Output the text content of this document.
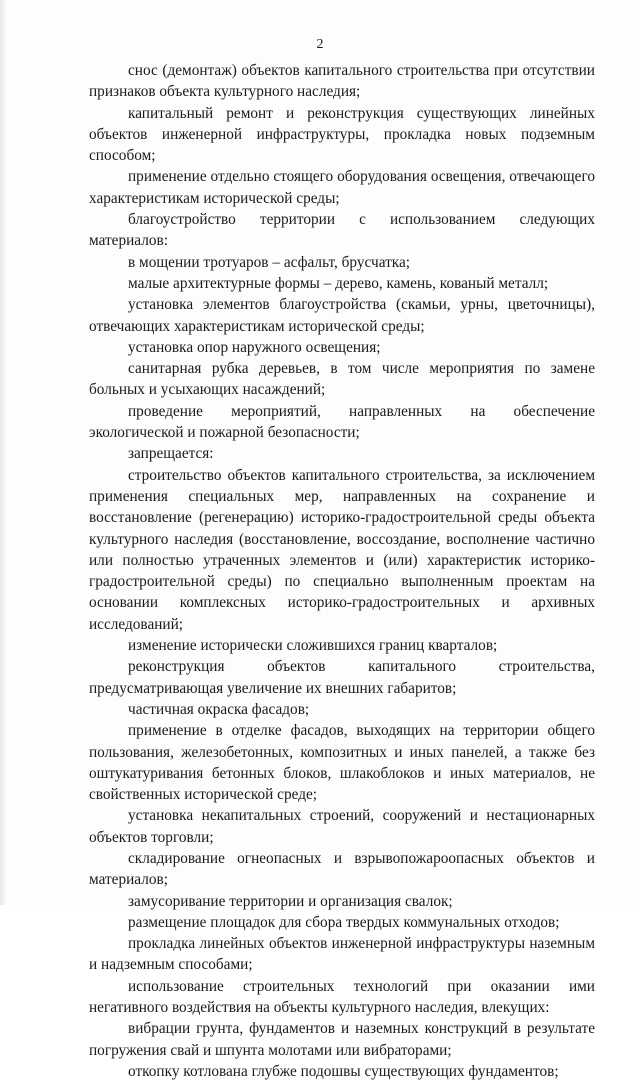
2

снос (демонтаж) объектов капитального строительства при отсутствии признаков объекта культурного наследия;

капитальный ремонт и реконструкция существующих линейных объектов инженерной инфраструктуры, прокладка новых подземным способом;

применение отдельно стоящего оборудования освещения, отвечающего характеристикам исторической среды;

благоустройство территории с использованием следующих материалов:

в мощении тротуаров – асфальт, брусчатка;

малые архитектурные формы – дерево, камень, кованый металл;

установка элементов благоустройства (скамьи, урны, цветочницы), отвечающих характеристикам исторической среды;

установка опор наружного освещения;

санитарная рубка деревьев, в том числе мероприятия по замене больных и усыхающих насаждений;

проведение мероприятий, направленных на обеспечение экологической и пожарной безопасности;

запрещается:

строительство объектов капитального строительства, за исключением применения специальных мер, направленных на сохранение и восстановление (регенерацию) историко-градостроительной среды объекта культурного наследия (восстановление, воссоздание, восполнение частично или полностью утраченных элементов и (или) характеристик историко-градостроительной среды) по специально выполненным проектам на основании комплексных историко-градостроительных и архивных исследований;

изменение исторически сложившихся границ кварталов;

реконструкция объектов капитального строительства, предусматривающая увеличение их внешних габаритов;

частичная окраска фасадов;

применение в отделке фасадов, выходящих на территории общего пользования, железобетонных, композитных и иных панелей, а также без оштукатуривания бетонных блоков, шлакоблоков и иных материалов, не свойственных исторической среде;

установка некапитальных строений, сооружений и нестационарных объектов торговли;

складирование огнеопасных и взрывопожароопасных объектов и материалов;

замусоривание территории и организация свалок;

размещение площадок для сбора твердых коммунальных отходов;

прокладка линейных объектов инженерной инфраструктуры наземным и надземным способами;

использование строительных технологий при оказании ими негативного воздействия на объекты культурного наследия, влекущих:

вибрации грунта, фундаментов и наземных конструкций в результате погружения свай и шпунта молотами или вибраторами;

откопку котлована глубже подошвы существующих фундаментов;
